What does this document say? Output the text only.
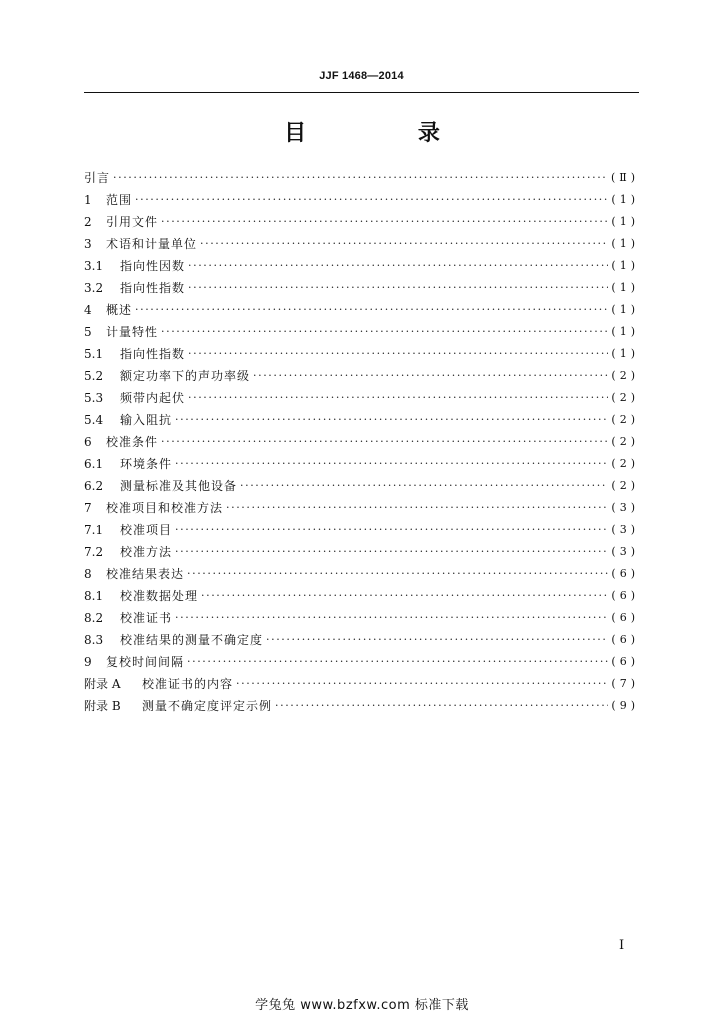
JJF 1468—2014
目 录
引言 ·····	(Ⅱ)
1	范围 ·····	(1)
2	引用文件 ·····	(1)
3	术语和计量单位 ·····	(1)
3.1	指向性因数 ·····	(1)
3.2	指向性指数 ·····	(1)
4	概述 ·····	(1)
5	计量特性 ·····	(1)
5.1	指向性指数 ·····	(1)
5.2	额定功率下的声功率级 ·····	(2)
5.3	频带内起伏 ·····	(2)
5.4	输入阻抗 ·····	(2)
6	校准条件 ·····	(2)
6.1	环境条件 ·····	(2)
6.2	测量标准及其他设备 ·····	(2)
7	校准项目和校准方法 ·····	(3)
7.1	校准项目 ·····	(3)
7.2	校准方法 ·····	(3)
8	校准结果表达 ·····	(6)
8.1	校准数据处理 ·····	(6)
8.2	校准证书 ·····	(6)
8.3	校准结果的测量不确定度 ·····	(6)
9	复校时间间隔 ·····	(6)
附录 A	校准证书的内容 ·····	(7)
附录 B	测量不确定度评定示例 ·····	(9)
I
学兔兔 www.bzfxw.com 标准下载
